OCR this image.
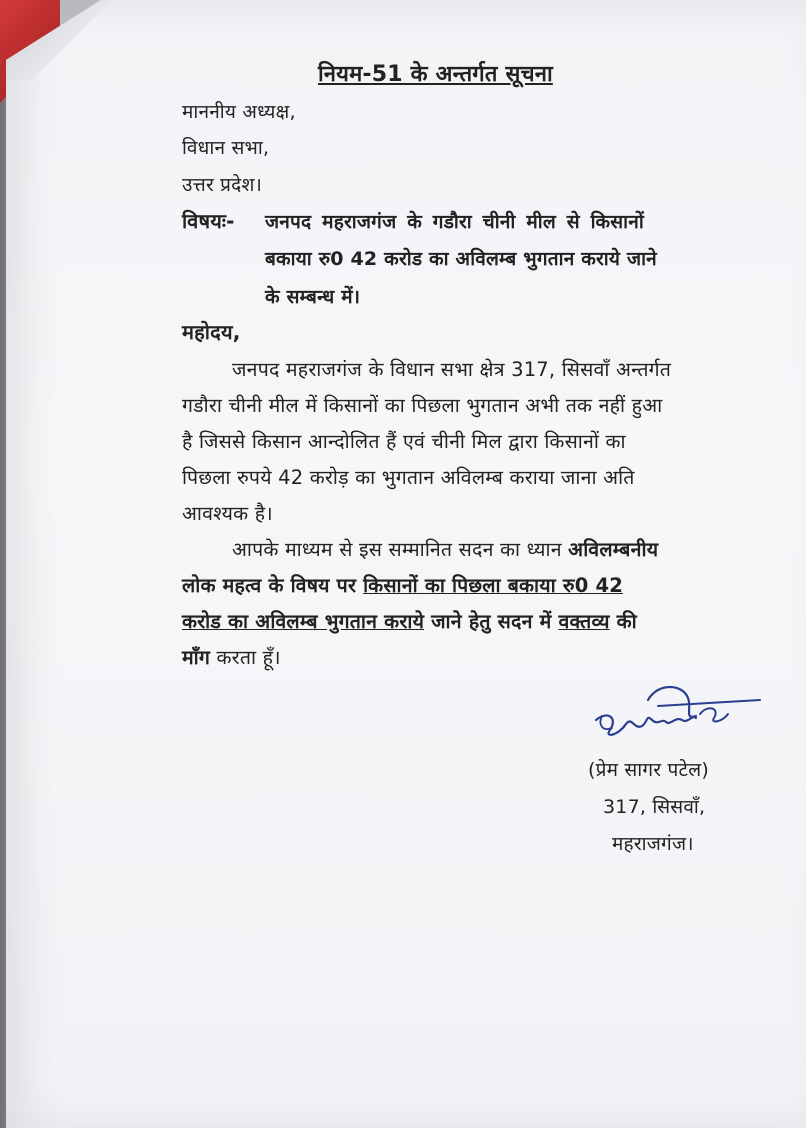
नियम-51 के अन्तर्गत सूचना
माननीय अध्यक्ष,
विधान सभा,
उत्तर प्रदेश।
विषयः- जनपद महराजगंज के गडौरा चीनी मील से किसानों
बकाया रु0 42 करोड का अविलम्ब भुगतान कराये जाने
के सम्बन्ध में।
महोदय,
जनपद महराजगंज के विधान सभा क्षेत्र 317, सिसवाँ अन्तर्गत
गडौरा चीनी मील में किसानों का पिछला भुगतान अभी तक नहीं हुआ
है जिससे किसान आन्दोलित हैं एवं चीनी मिल द्वारा किसानों का
पिछला रुपये 42 करोड़ का भुगतान अविलम्ब कराया जाना अति
आवश्यक है।
आपके माध्यम से इस सम्मानित सदन का ध्यान अविलम्बनीय
लोक महत्व के विषय पर किसानों का पिछला बकाया रु0 42
करोड का अविलम्ब भुगतान कराये जाने हेतु सदन में वक्तव्य की
माँग करता हूँ।
(प्रेम सागर पटेल)
317, सिसवाँ,
महराजगंज।
